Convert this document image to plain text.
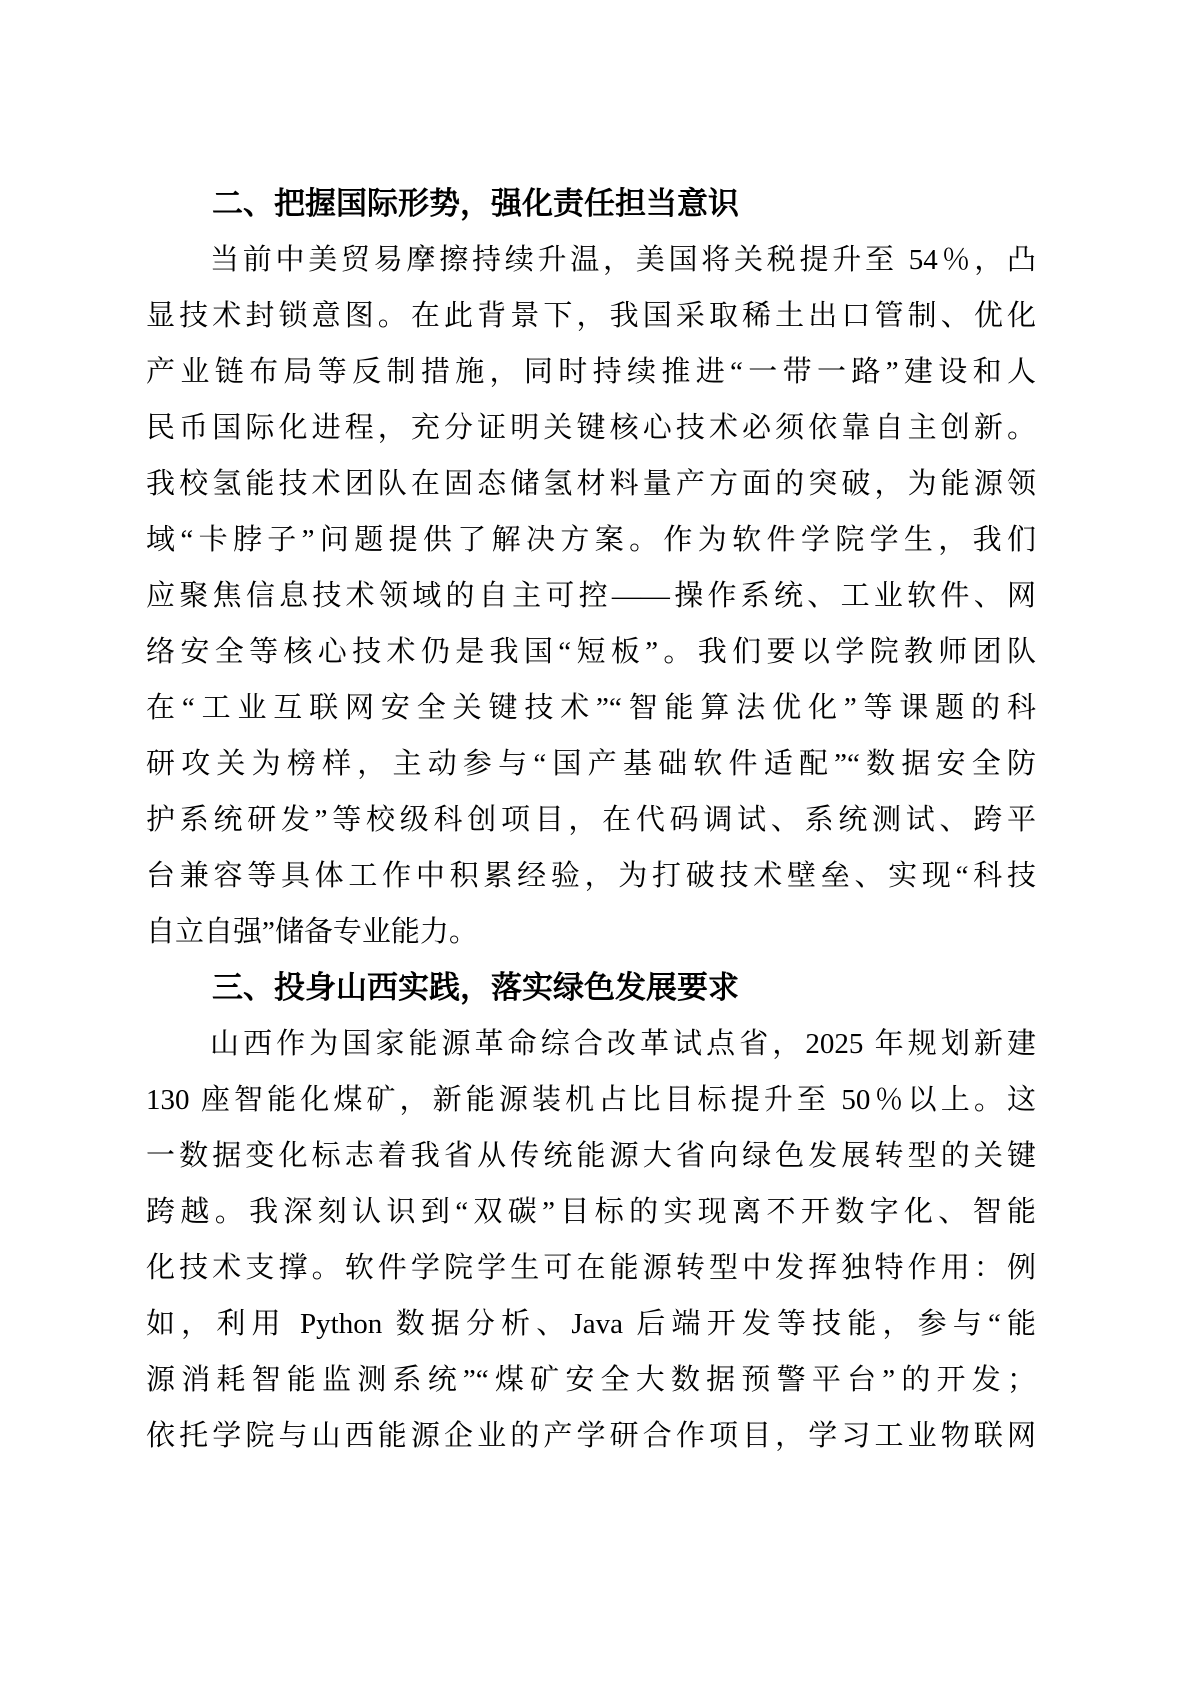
二、把握国际形势，强化责任担当意识
当前中美贸易摩擦持续升温，美国将关税提升至 54％，凸
显技术封锁意图。在此背景下，我国采取稀土出口管制、优化
产业链布局等反制措施，同时持续推进“一带一路”建设和人
民币国际化进程，充分证明关键核心技术必须依靠自主创新。
我校氢能技术团队在固态储氢材料量产方面的突破，为能源领
域“卡脖子”问题提供了解决方案。作为软件学院学生，我们
应聚焦信息技术领域的自主可控——操作系统、工业软件、网
络安全等核心技术仍是我国“短板”。我们要以学院教师团队
在“工业互联网安全关键技术”“智能算法优化”等课题的科
研攻关为榜样，主动参与“国产基础软件适配”“数据安全防
护系统研发”等校级科创项目，在代码调试、系统测试、跨平
台兼容等具体工作中积累经验，为打破技术壁垒、实现“科技
自立自强”储备专业能力。
三、投身山西实践，落实绿色发展要求
山西作为国家能源革命综合改革试点省，2025 年规划新建
130 座智能化煤矿，新能源装机占比目标提升至 50％以上。这
一数据变化标志着我省从传统能源大省向绿色发展转型的关键
跨越。我深刻认识到“双碳”目标的实现离不开数字化、智能
化技术支撑。软件学院学生可在能源转型中发挥独特作用：例
如，利用 Python 数据分析、Java 后端开发等技能，参与“能
源消耗智能监测系统”“煤矿安全大数据预警平台”的开发；
依托学院与山西能源企业的产学研合作项目，学习工业物联网
